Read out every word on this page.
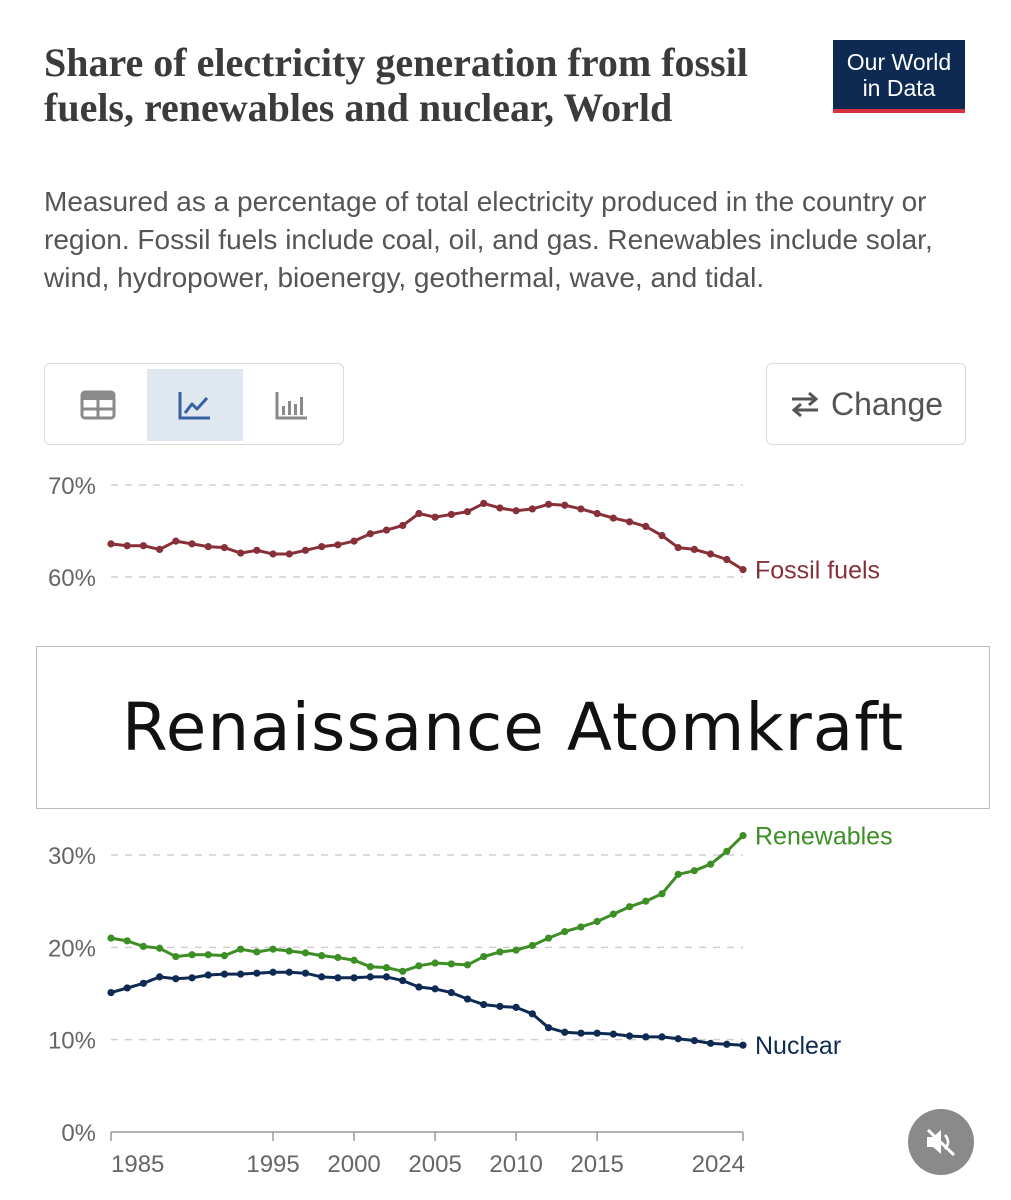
Share of electricity generation from fossil fuels, renewables and nuclear, World
Our World
in Data
Measured as a percentage of total electricity produced in the country or region. Fossil fuels include coal, oil, and gas. Renewables include solar, wind, hydropower, bioenergy, geothermal, wave, and tidal.
Change
60%
70%
Fossil fuels
0%
10%
20%
30%
Renewables
Nuclear
1985	1995 2000 2005 2010 2015	2024
Renaissance Atomkraft
